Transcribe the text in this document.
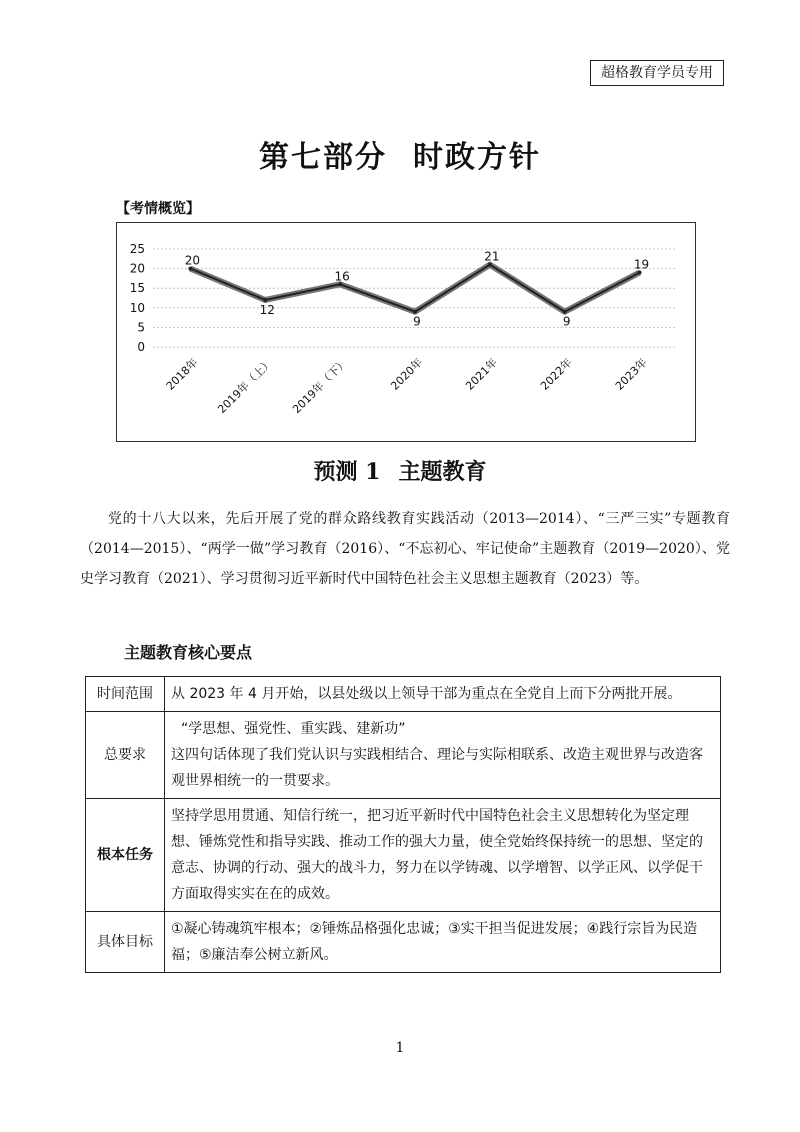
超格教育学员专用
第七部分 时政方针
【考情概览】
0
5
10
15
20
25
20
12
16
9
21
9
19
2018年 2019年（上） 2019年（下）	2020年	2021年	2022年	2023年
预测 1 主题教育
党的十八大以来，先后开展了党的群众路线教育实践活动（2013—2014）、“三严三实”专题教育（2014—2015）、“两学一做”学习教育（2016）、“不忘初心、牢记使命”主题教育（2019—2020）、党史学习教育（2021）、学习贯彻习近平新时代中国特色社会主义思想主题教育（2023）等。
主题教育核心要点
时间范围	从 2023 年 4 月开始，以县处级以上领导干部为重点在全党自上而下分两批开展。
总要求	“学思想、强党性、重实践、建新功”
这四句话体现了我们党认识与实践相结合、理论与实际相联系、改造主观世界与改造客观世界相统一的一贯要求。
根本任务	坚持学思用贯通、知信行统一，把习近平新时代中国特色社会主义思想转化为坚定理想、锤炼党性和指导实践、推动工作的强大力量，使全党始终保持统一的思想、坚定的意志、协调的行动、强大的战斗力，努力在以学铸魂、以学增智、以学正风、以学促干方面取得实实在在的成效。
具体目标	①凝心铸魂筑牢根本；②锤炼品格强化忠诚；③实干担当促进发展；④践行宗旨为民造福；⑤廉洁奉公树立新风。
1
